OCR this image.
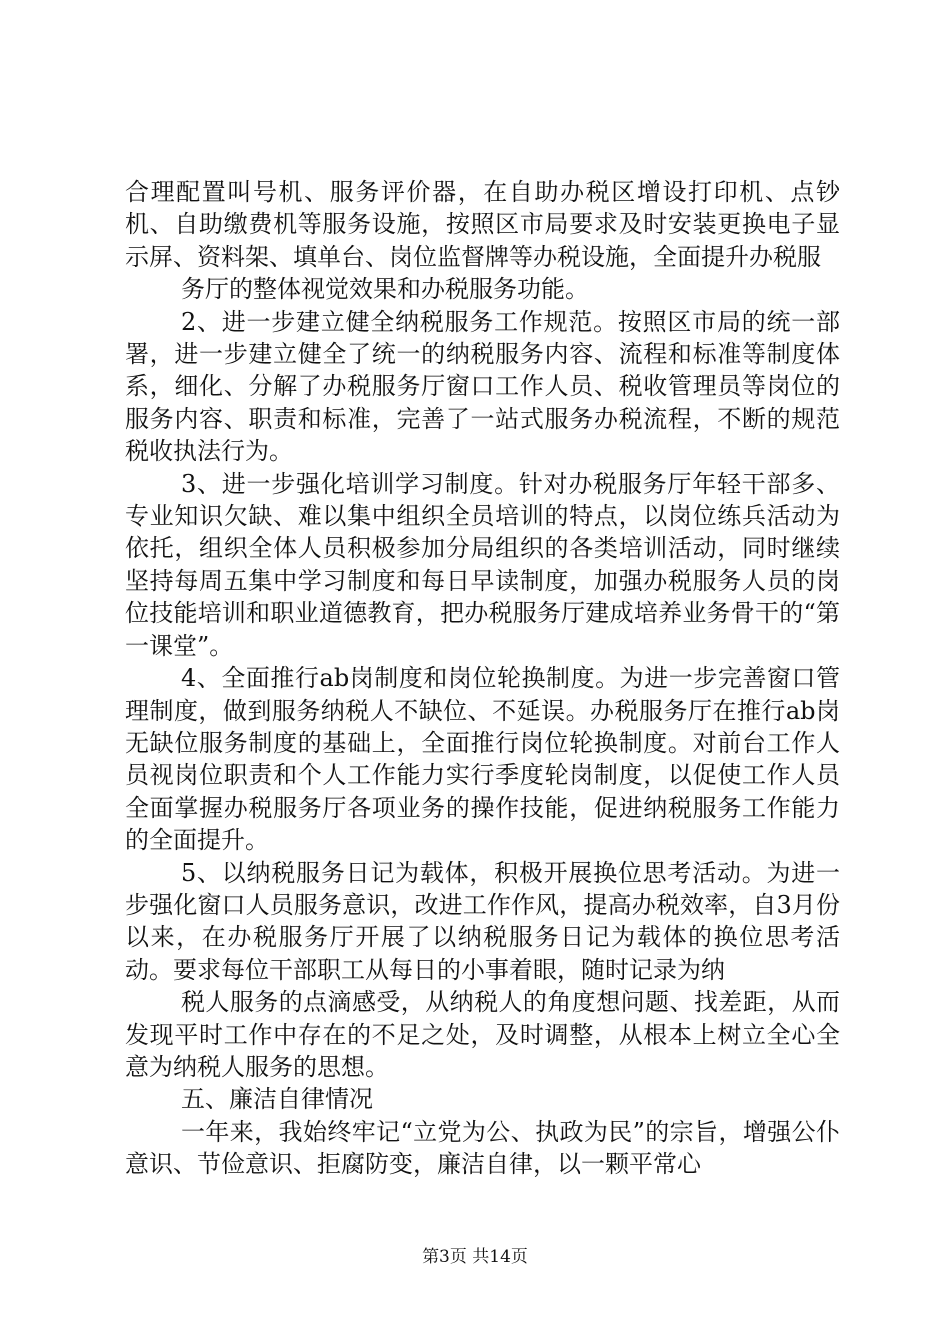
合理配置叫号机、服务评价器，在自助办税区增设打印机、点钞机、自助缴费机等服务设施，按照区市局要求及时安装更换电子显示屏、资料架、填单台、岗位监督牌等办税设施，全面提升办税服

务厅的整体视觉效果和办税服务功能。

2、进一步建立健全纳税服务工作规范。按照区市局的统一部署，进一步建立健全了统一的纳税服务内容、流程和标准等制度体系，细化、分解了办税服务厅窗口工作人员、税收管理员等岗位的服务内容、职责和标准，完善了一站式服务办税流程，不断的规范税收执法行为。

3、进一步强化培训学习制度。针对办税服务厅年轻干部多、专业知识欠缺、难以集中组织全员培训的特点，以岗位练兵活动为依托，组织全体人员积极参加分局组织的各类培训活动，同时继续坚持每周五集中学习制度和每日早读制度，加强办税服务人员的岗位技能培训和职业道德教育，把办税服务厅建成培养业务骨干的“第一课堂”。

4、全面推行ab岗制度和岗位轮换制度。为进一步完善窗口管理制度，做到服务纳税人不缺位、不延误。办税服务厅在推行ab岗无缺位服务制度的基础上，全面推行岗位轮换制度。对前台工作人员视岗位职责和个人工作能力实行季度轮岗制度，以促使工作人员全面掌握办税服务厅各项业务的操作技能，促进纳税服务工作能力的全面提升。

5、以纳税服务日记为载体，积极开展换位思考活动。为进一步强化窗口人员服务意识，改进工作作风，提高办税效率，自3月份以来，在办税服务厅开展了以纳税服务日记为载体的换位思考活动。要求每位干部职工从每日的小事着眼，随时记录为纳

税人服务的点滴感受，从纳税人的角度想问题、找差距，从而发现平时工作中存在的不足之处，及时调整，从根本上树立全心全意为纳税人服务的思想。

五、廉洁自律情况

一年来，我始终牢记“立党为公、执政为民”的宗旨，增强公仆意识、节俭意识、拒腐防变，廉洁自律，以一颗平常心

第3页 共14页
